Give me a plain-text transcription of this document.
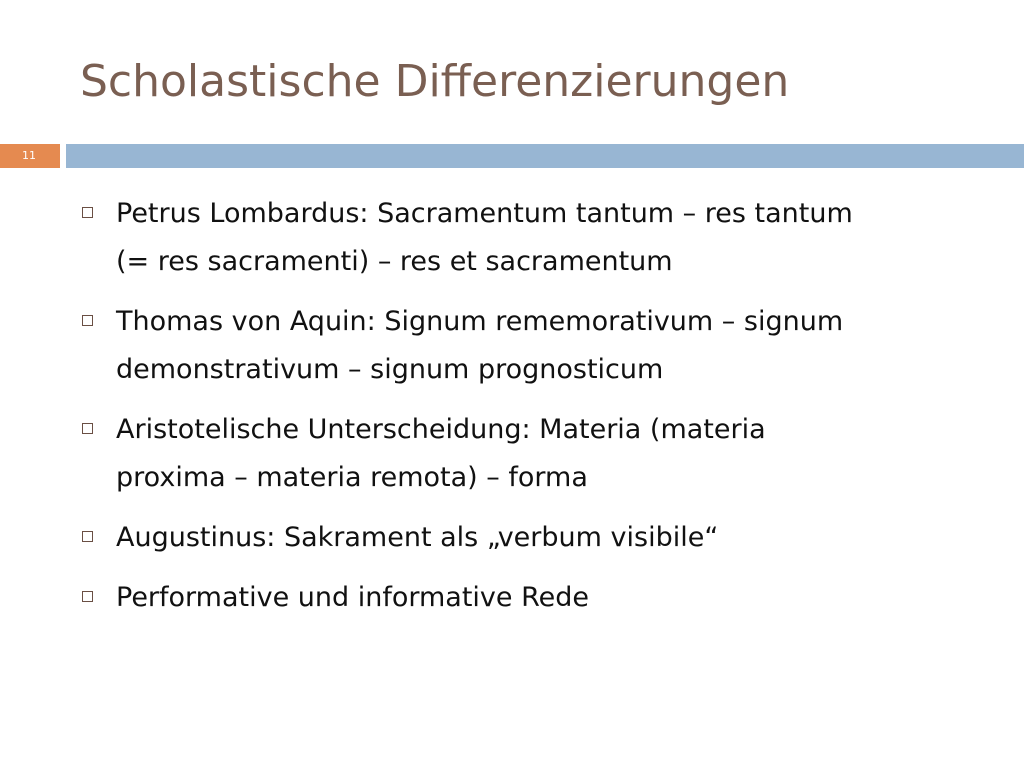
Scholastische Differenzierungen
11
Petrus Lombardus: Sacramentum tantum – res tantum
(= res sacramenti) – res et sacramentum
Thomas von Aquin: Signum rememorativum – signum
demonstrativum – signum prognosticum
Aristotelische Unterscheidung: Materia (materia
proxima – materia remota) – forma
Augustinus: Sakrament als „verbum visibile“
Performative und informative Rede
